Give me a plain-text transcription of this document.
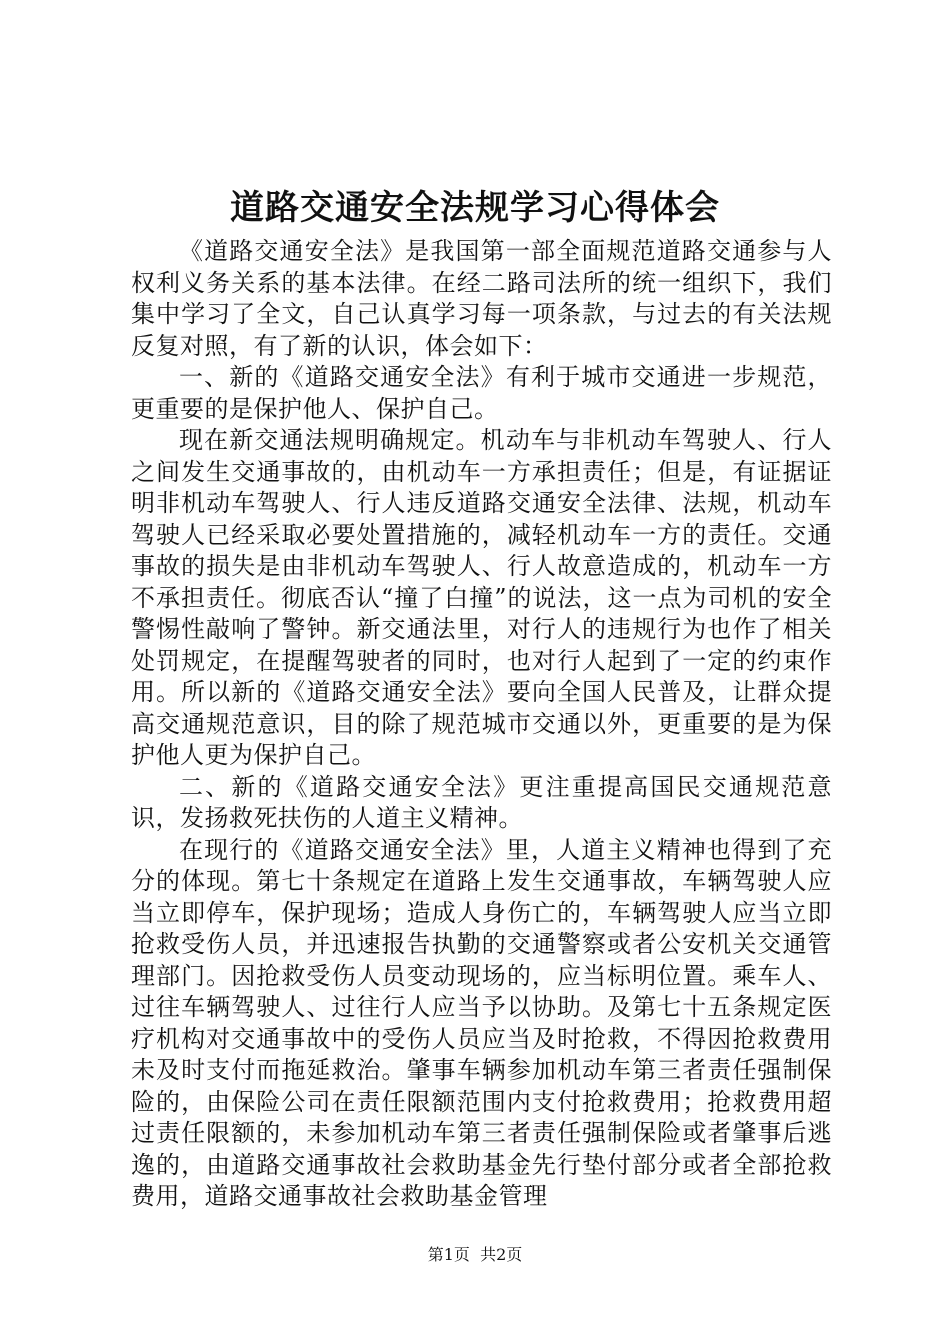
道路交通安全法规学习心得体会

《道路交通安全法》是我国第一部全面规范道路交通参与人权利义务关系的基本法律。在经二路司法所的统一组织下，我们集中学习了全文，自己认真学习每一项条款，与过去的有关法规反复对照，有了新的认识，体会如下：

一、新的《道路交通安全法》有利于城市交通进一步规范，更重要的是保护他人、保护自己。

现在新交通法规明确规定。机动车与非机动车驾驶人、行人之间发生交通事故的，由机动车一方承担责任；但是，有证据证明非机动车驾驶人、行人违反道路交通安全法律、法规，机动车驾驶人已经采取必要处置措施的，减轻机动车一方的责任。交通事故的损失是由非机动车驾驶人、行人故意造成的，机动车一方不承担责任。彻底否认“撞了白撞”的说法，这一点为司机的安全警惕性敲响了警钟。新交通法里，对行人的违规行为也作了相关处罚规定，在提醒驾驶者的同时，也对行人起到了一定的约束作用。所以新的《道路交通安全法》要向全国人民普及，让群众提高交通规范意识，目的除了规范城市交通以外，更重要的是为保护他人更为保护自己。

二、新的《道路交通安全法》更注重提高国民交通规范意识，发扬救死扶伤的人道主义精神。

在现行的《道路交通安全法》里，人道主义精神也得到了充分的体现。第七十条规定在道路上发生交通事故，车辆驾驶人应当立即停车，保护现场；造成人身伤亡的，车辆驾驶人应当立即抢救受伤人员，并迅速报告执勤的交通警察或者公安机关交通管理部门。因抢救受伤人员变动现场的，应当标明位置。乘车人、过往车辆驾驶人、过往行人应当予以协助。及第七十五条规定医疗机构对交通事故中的受伤人员应当及时抢救，不得因抢救费用未及时支付而拖延救治。肇事车辆参加机动车第三者责任强制保险的，由保险公司在责任限额范围内支付抢救费用；抢救费用超过责任限额的，未参加机动车第三者责任强制保险或者肇事后逃逸的，由道路交通事故社会救助基金先行垫付部分或者全部抢救费用，道路交通事故社会救助基金管理

第1页 共2页
